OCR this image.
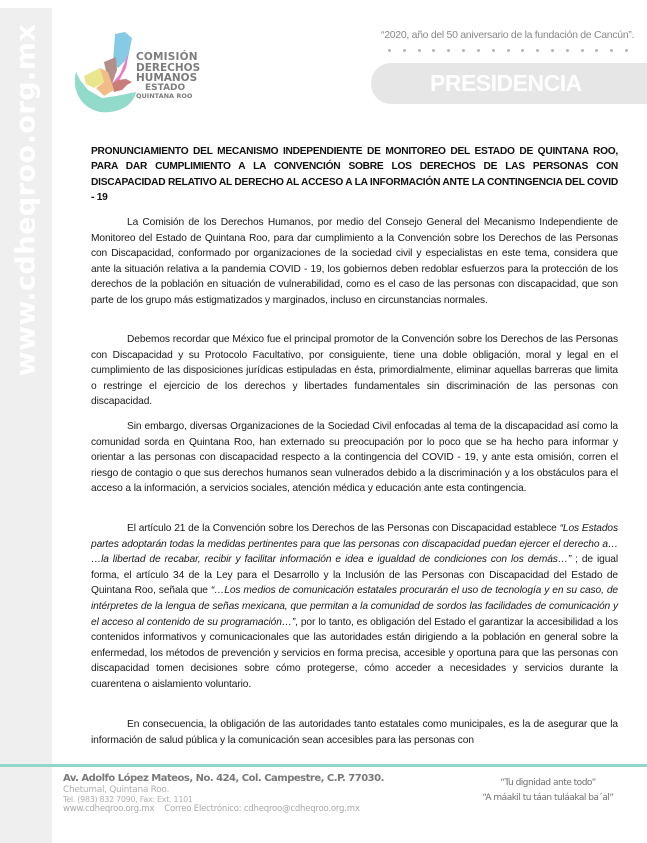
www.cdheqroo.org.mx	COMISIÓN
DERECHOS
HUMANOS
ESTADO
QUINTANA ROO
“2020, año del 50 aniversario de la fundación de Cancún”.
PRESIDENCIA
PRONUNCIAMIENTO DEL MECANISMO INDEPENDIENTE DE MONITOREO DEL ESTADO DE QUINTANA ROO, PARA DAR CUMPLIMIENTO A LA CONVENCIÓN SOBRE LOS DERECHOS DE LAS PERSONAS CON DISCAPACIDAD RELATIVO AL DERECHO AL ACCESO A LA INFORMACIÓN ANTE LA CONTINGENCIA DEL COVID - 19

La Comisión de los Derechos Humanos, por medio del Consejo General del Mecanismo Independiente de Monitoreo del Estado de Quintana Roo, para dar cumplimiento a la Convención sobre los Derechos de las Personas con Discapacidad, conformado por organizaciones de la sociedad civil y especialistas en este tema, considera que ante la situación relativa a la pandemia COVID - 19, los gobiernos deben redoblar esfuerzos para la protección de los derechos de la población en situación de vulnerabilidad, como es el caso de las personas con discapacidad, que son parte de los grupo más estigmatizados y marginados, incluso en circunstancias normales.

Debemos recordar que México fue el principal promotor de la Convención sobre los Derechos de las Personas con Discapacidad y su Protocolo Facultativo, por consiguiente, tiene una doble obligación, moral y legal en el cumplimiento de las disposiciones jurídicas estipuladas en ésta, primordialmente, eliminar aquellas barreras que limita o restringe el ejercicio de los derechos y libertades fundamentales sin discriminación de las personas con discapacidad.

Sin embargo, diversas Organizaciones de la Sociedad Civil enfocadas al tema de la discapacidad así como la comunidad sorda en Quintana Roo, han externado su preocupación por lo poco que se ha hecho para informar y orientar a las personas con discapacidad respecto a la contingencia del COVID - 19, y ante esta omisión, corren el riesgo de contagio o que sus derechos humanos sean vulnerados debido a la discriminación y a los obstáculos para el acceso a la información, a servicios sociales, atención médica y educación ante esta contingencia.

El artículo 21 de la Convención sobre los Derechos de las Personas con Discapacidad establece “Los Estados partes adoptarán todas la medidas pertinentes para que las personas con discapacidad puedan ejercer el derecho a… …la libertad de recabar, recibir y facilitar información e idea e igualdad de condiciones con los demás…” ; de igual forma, el artículo 34 de la Ley para el Desarrollo y la Inclusión de las Personas con Discapacidad del Estado de Quintana Roo, señala que “…Los medios de comunicación estatales procurarán el uso de tecnología y en su caso, de intérpretes de la lengua de señas mexicana, que permitan a la comunidad de sordos las facilidades de comunicación y el acceso al contenido de su programación…”, por lo tanto, es obligación del Estado el garantizar la accesibilidad a los contenidos informativos y comunicacionales que las autoridades están dirigiendo a la población en general sobre la enfermedad, los métodos de prevención y servicios en forma precisa, accesible y oportuna para que las personas con discapacidad tomen decisiones sobre cómo protegerse, cómo acceder a necesidades y servicios durante la cuarentena o aislamiento voluntario.

En consecuencia, la obligación de las autoridades tanto estatales como municipales, es la de asegurar que la información de salud pública y la comunicación sean accesibles para las personas con

Av. Adolfo López Mateos, No. 424, Col. Campestre, C.P. 77030.
Chetumal, Quintana Roo.
Tel. (983) 832 7090, Fax: Ext. 1101
www.cdheqroo.org.mx Correo Electrónico: cdheqroo@cdheqroo.org.mx
“Tu dignidad ante todo”
“A máakil tu táan tuláakal ba´al”
